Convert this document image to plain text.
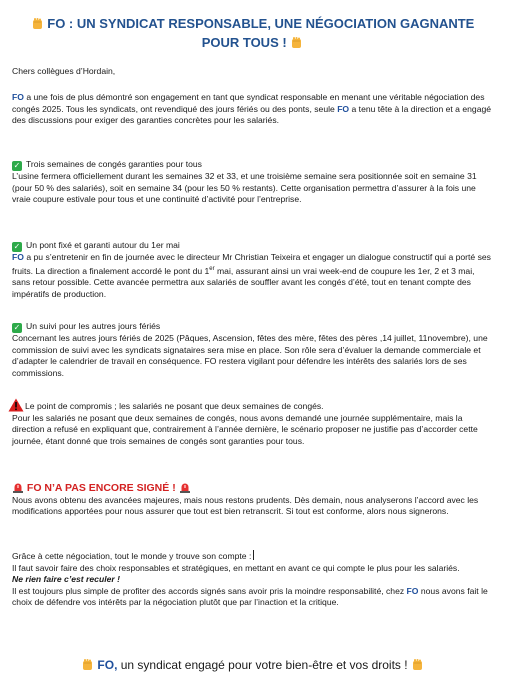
FO : UN SYNDICAT RESPONSABLE, UNE NÉGOCIATION GAGNANTE
POUR TOUS !
Chers collègues d’Hordain,
FO a une fois de plus démontré son engagement en tant que syndicat responsable en menant une véritable négociation des congés 2025. Tous les syndicats, ont revendiqué des jours fériés ou des ponts, seule FO a tenu tête à la direction et a engagé des discussions pour exiger des garanties concrètes pour les salariés.
✓ Trois semaines de congés garanties pour tous
L’usine fermera officiellement durant les semaines 32 et 33, et une troisième semaine sera positionnée soit en semaine 31 (pour 50 % des salariés), soit en semaine 34 (pour les 50 % restants). Cette organisation permettra d’assurer à la fois une vraie coupure estivale pour tous et une continuité d’activité pour l’entreprise.
✓ Un pont fixé et garanti autour du 1er mai
FO a pu s’entretenir en fin de journée avec le directeur Mr Christian Teixeira et engager un dialogue constructif qui a porté ses fruits. La direction a finalement accordé le pont du 1er mai, assurant ainsi un vrai week-end de coupure les 1er, 2 et 3 mai, sans retour possible. Cette avancée permettra aux salariés de souffler avant les congés d’été, tout en tenant compte des impératifs de production.
✓ Un suivi pour les autres jours fériés
Concernant les autres jours fériés de 2025 (Pâques, Ascension, fêtes des mère, fêtes des pères ,14 juillet, 11novembre), une commission de suivi avec les syndicats signataires sera mise en place. Son rôle sera d’évaluer la demande commerciale et d’adapter le calendrier de travail en conséquence. FO restera vigilant pour défendre les intérêts des salariés lors de ses commissions.
Le point de compromis ; les salariés ne posant que deux semaines de congés.
Pour les salariés ne posant que deux semaines de congés, nous avons demandé une journée supplémentaire, mais la direction a refusé en expliquant que, contrairement à l’année dernière, le scénario proposer ne justifie pas d’accorder cette journée, étant donné que trois semaines de congés sont garanties pour tous.
FO N’A PAS ENCORE SIGNÉ !
Nous avons obtenu des avancées majeures, mais nous restons prudents. Dès demain, nous analyserons l’accord avec les modifications apportées pour nous assurer que tout est bien retranscrit. Si tout est conforme, alors nous signerons.
Grâce à cette négociation, tout le monde y trouve son compte :
Il faut savoir faire des choix responsables et stratégiques, en mettant en avant ce qui compte le plus pour les salariés.
Ne rien faire c’est reculer !
Il est toujours plus simple de profiter des accords signés sans avoir pris la moindre responsabilité, chez FO nous avons fait le choix de défendre vos intérêts par la négociation plutôt que par l’inaction et la critique.
FO, un syndicat engagé pour votre bien-être et vos droits !
